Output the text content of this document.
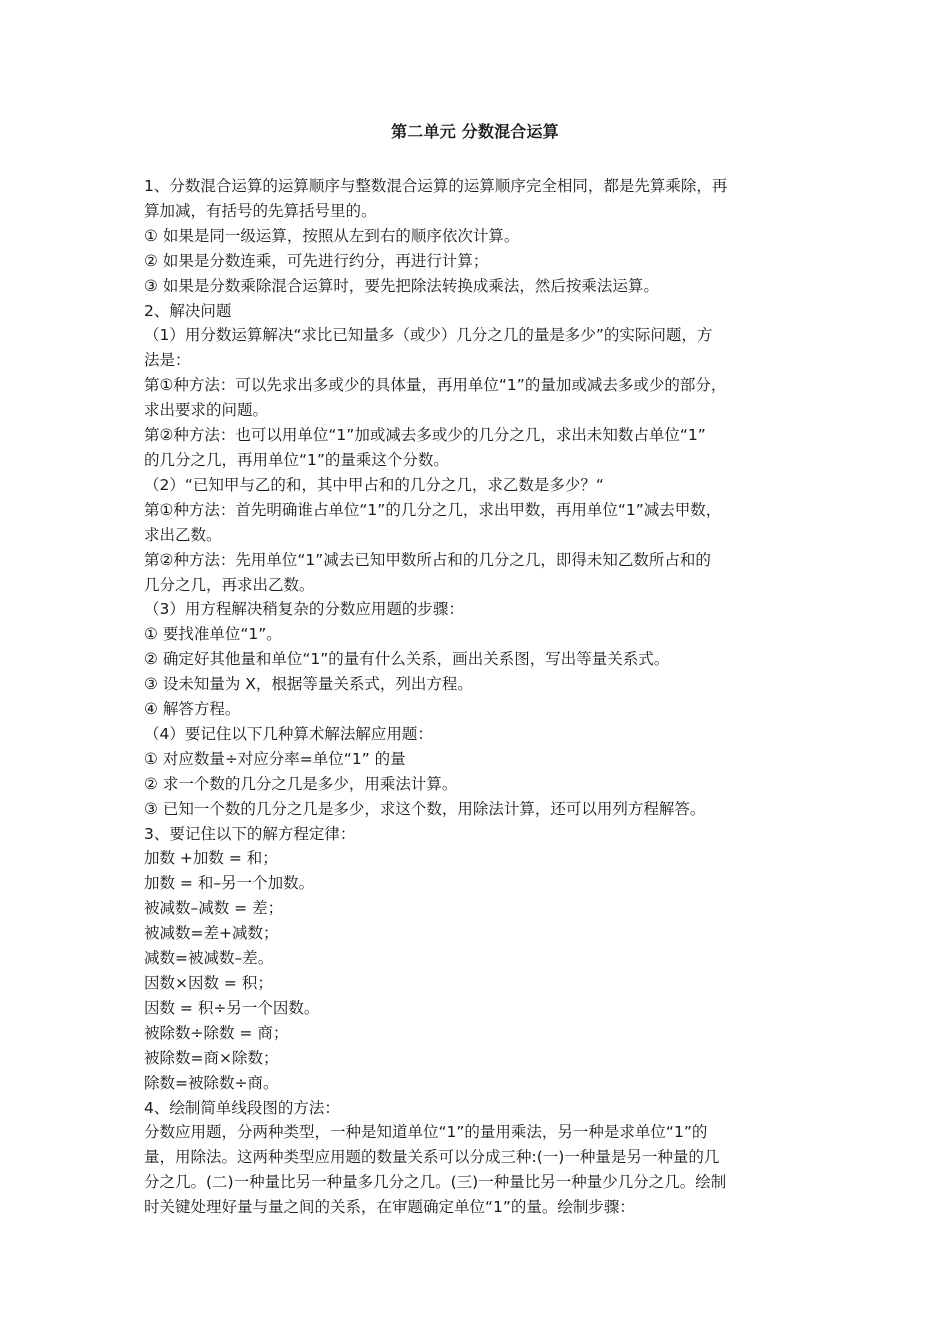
第二单元 分数混合运算

1、分数混合运算的运算顺序与整数混合运算的运算顺序完全相同，都是先算乘除，再

算加减，有括号的先算括号里的。

① 如果是同一级运算，按照从左到右的顺序依次计算。

② 如果是分数连乘，可先进行约分，再进行计算；

③ 如果是分数乘除混合运算时，要先把除法转换成乘法，然后按乘法运算。

2、解决问题

（1）用分数运算解决“求比已知量多（或少）几分之几的量是多少”的实际问题，方

法是：

第①种方法：可以先求出多或少的具体量，再用单位“1”的量加或减去多或少的部分，

求出要求的问题。

第②种方法：也可以用单位“1”加或减去多或少的几分之几，求出未知数占单位“1”

的几分之几，再用单位“1”的量乘这个分数。

（2）“已知甲与乙的和，其中甲占和的几分之几，求乙数是多少？“

第①种方法：首先明确谁占单位“1”的几分之几，求出甲数，再用单位“1”减去甲数，

求出乙数。

第②种方法：先用单位“1”减去已知甲数所占和的几分之几，即得未知乙数所占和的

几分之几，再求出乙数。

（3）用方程解决稍复杂的分数应用题的步骤：

① 要找准单位“1”。

② 确定好其他量和单位“1”的量有什么关系，画出关系图，写出等量关系式。

③ 设未知量为 X，根据等量关系式，列出方程。

④ 解答方程。

（4）要记住以下几种算术解法解应用题：

① 对应数量÷对应分率=单位“1” 的量

② 求一个数的几分之几是多少，用乘法计算。

③ 已知一个数的几分之几是多少，求这个数，用除法计算，还可以用列方程解答。

3、要记住以下的解方程定律：

加数 +加数 = 和；

加数 = 和–另一个加数。

被减数–减数 = 差；

被减数=差+减数；

减数=被减数–差。

因数×因数 = 积；

因数 = 积÷另一个因数。

被除数÷除数 = 商；

被除数=商×除数；

除数=被除数÷商。

4、绘制简单线段图的方法：

分数应用题，分两种类型，一种是知道单位“1”的量用乘法，另一种是求单位“1”的

量，用除法。这两种类型应用题的数量关系可以分成三种:(一)一种量是另一种量的几

分之几。(二)一种量比另一种量多几分之几。(三)一种量比另一种量少几分之几。绘制

时关键处理好量与量之间的关系，在审题确定单位“1”的量。绘制步骤：
